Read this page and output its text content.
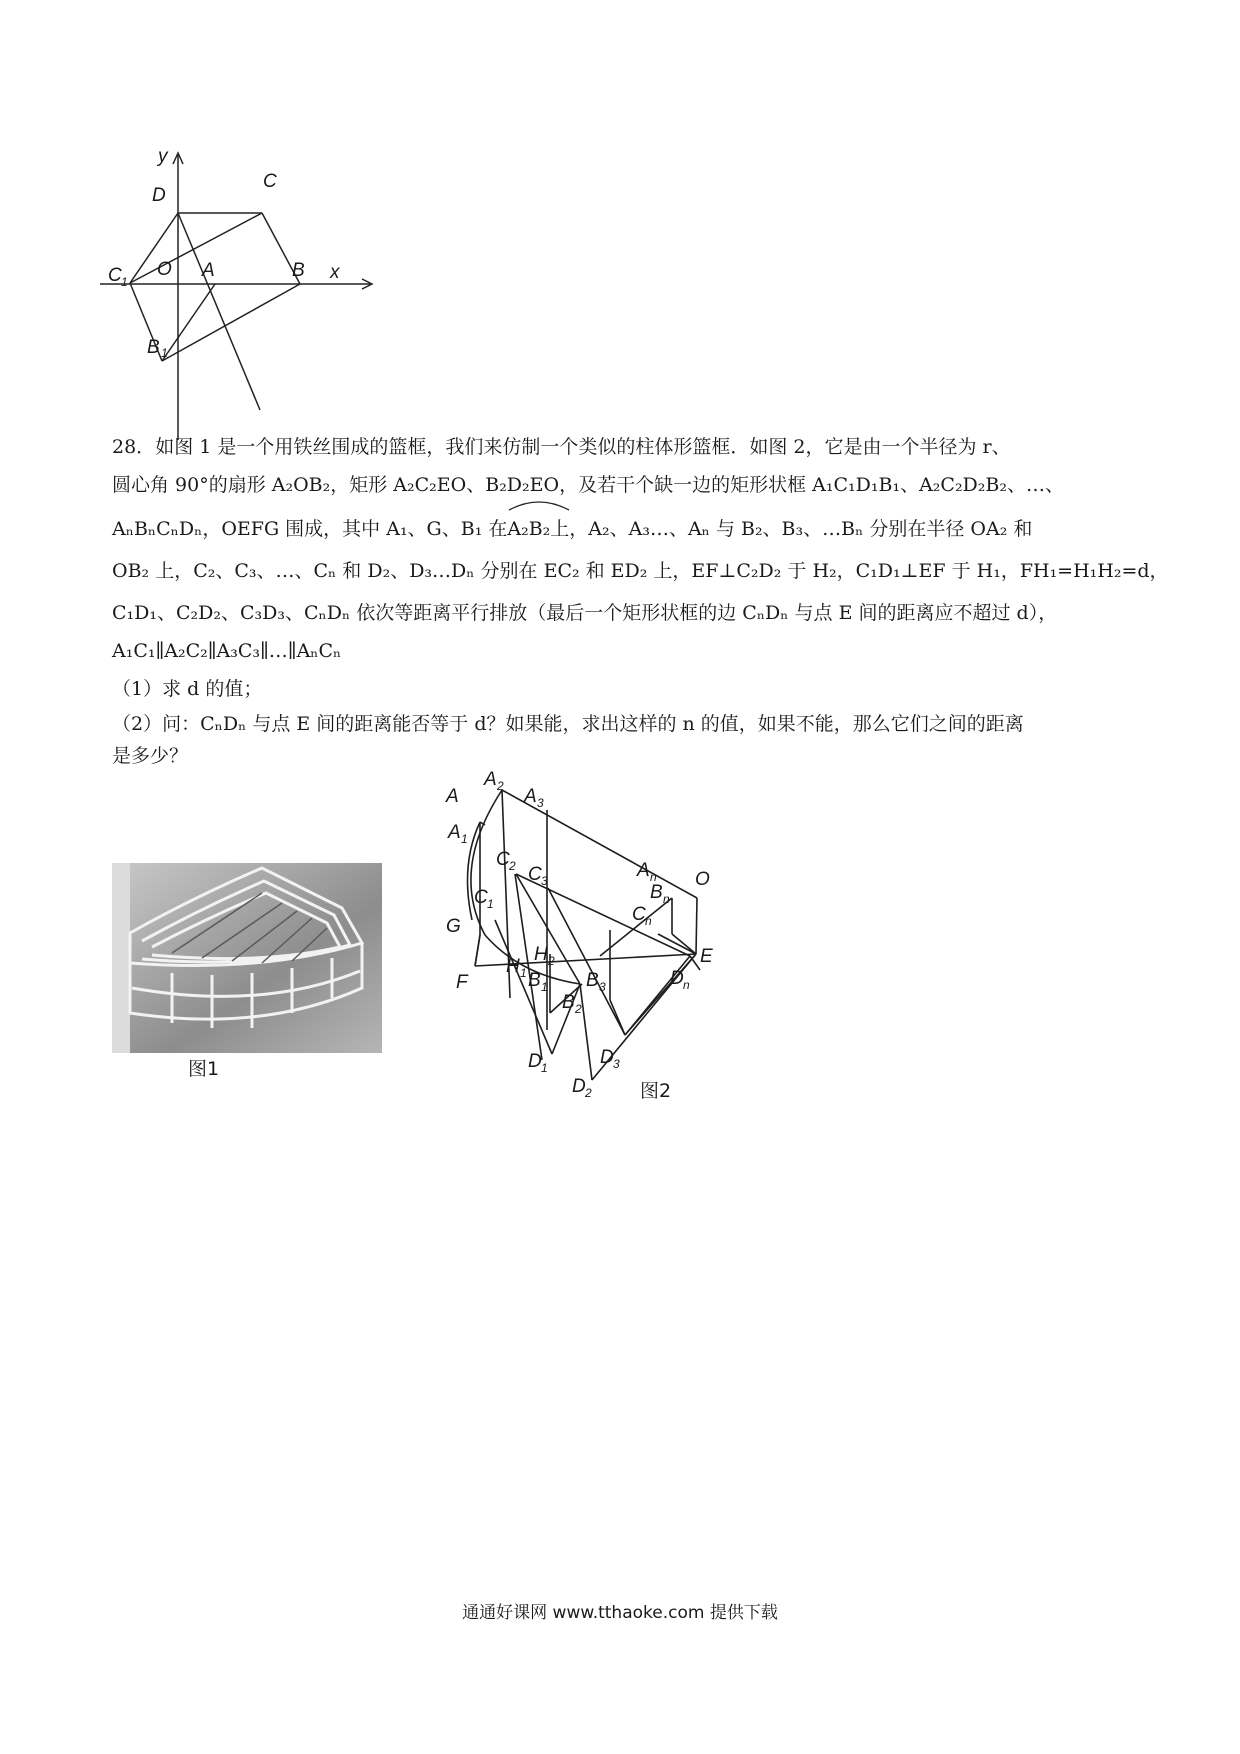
y
x
D
C
O A	B
C 1
B 1
28．如图 1 是一个用铁丝围成的篮框，我们来仿制一个类似的柱体形篮框．如图 2，它是由一个半径为 r、
圆心角 90°的扇形 A₂OB₂，矩形 A₂C₂EO、B₂D₂EO，及若干个缺一边的矩形状框 A₁C₁D₁B₁、A₂C₂D₂B₂、…、
AₙBₙCₙDₙ，OEFG 围成，其中 A₁、G、B₁ 在
A₂B₂上，A₂、A₃…、Aₙ 与 B₂、B₃、…Bₙ 分别在半径 OA₂ 和
OB₂ 上，C₂、C₃、…、Cₙ 和 D₂、D₃…Dₙ 分别在 EC₂ 和 ED₂ 上，EF⊥C₂D₂ 于 H₂，C₁D₁⊥EF 于 H₁，FH₁=H₁H₂=d，
C₁D₁、C₂D₂、C₃D₃、CₙDₙ 依次等距离平行排放（最后一个矩形状框的边 CₙDₙ 与点 E 间的距离应不超过 d），
A₁C₁∥A₂C₂∥A₃C₃∥…∥AₙCₙ
（1）求 d 的值；
（2）问：CₙDₙ 与点 E 间的距离能否等于 d？如果能，求出这样的 n 的值，如果不能，那么它们之间的距离
是多少？
图1
A
A 2 A 3
A 1
C 2 C 3
C 1
A n
B n
O
C n
E
G
H 1
H 2
D n
F	B 1 B 3
B 2
D 1	D 3
D 2	图2
通通好课网 www.tthaoke.com 提供下载
